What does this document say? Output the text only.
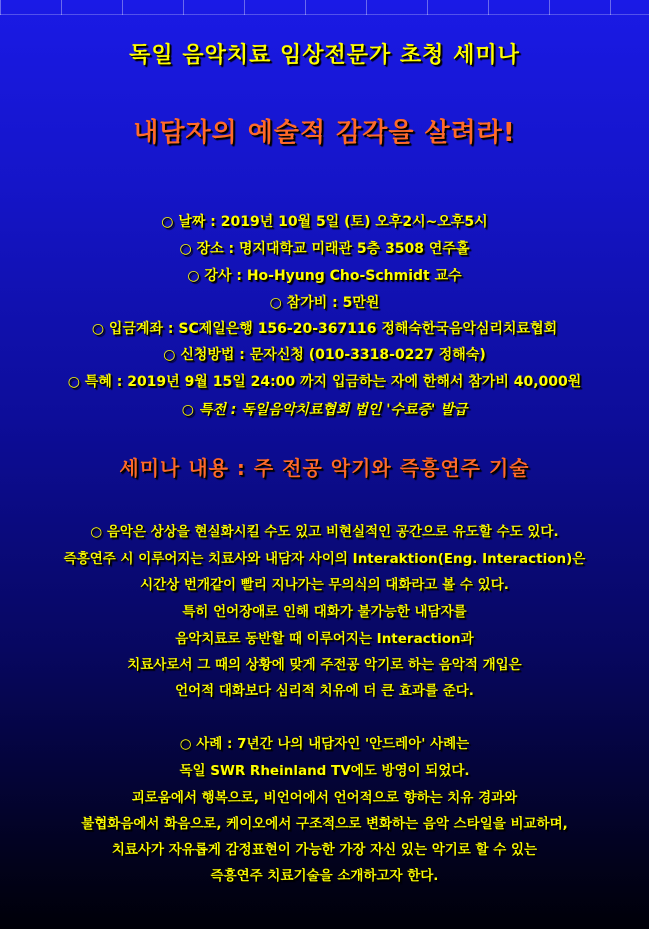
독일 음악치료 임상전문가 초청 세미나
내담자의 예술적 감각을 살려라!
○ 날짜 : 2019년 10월 5일 (토) 오후2시~오후5시
○ 장소 : 명지대학교 미래관 5층 3508 연주홀
○ 강사 : Ho-Hyung Cho-Schmidt 교수
○ 참가비 : 5만원
○ 입금계좌 : SC제일은행 156-20-367116 정해숙한국음악심리치료협회
○ 신청방법 : 문자신청 (010-3318-0227 정해숙)
○ 특혜 : 2019년 9월 15일 24:00 까지 입금하는 자에 한해서 참가비 40,000원
○ 특전 : 독일음악치료협회 법인 '수료증' 발급
세미나 내용 : 주 전공 악기와 즉흥연주 기술
○ 음악은 상상을 현실화시킬 수도 있고 비현실적인 공간으로 유도할 수도 있다.
즉흥연주 시 이루어지는 치료사와 내담자 사이의 Interaktion(Eng. Interaction)은
시간상 번개같이 빨리 지나가는 무의식의 대화라고 볼 수 있다.
특히 언어장애로 인해 대화가 불가능한 내담자를
음악치료로 동반할 때 이루어지는 Interaction과
치료사로서 그 때의 상황에 맞게 주전공 악기로 하는 음악적 개입은
언어적 대화보다 심리적 치유에 더 큰 효과를 준다.
○ 사례 : 7년간 나의 내담자인 '안드레아' 사례는
독일 SWR Rheinland TV에도 방영이 되었다.
괴로움에서 행복으로, 비언어에서 언어적으로 향하는 치유 경과와
불협화음에서 화음으로, 케이오에서 구조적으로 변화하는 음악 스타일을 비교하며,
치료사가 자유롭게 감정표현이 가능한 가장 자신 있는 악기로 할 수 있는
즉흥연주 치료기술을 소개하고자 한다.
